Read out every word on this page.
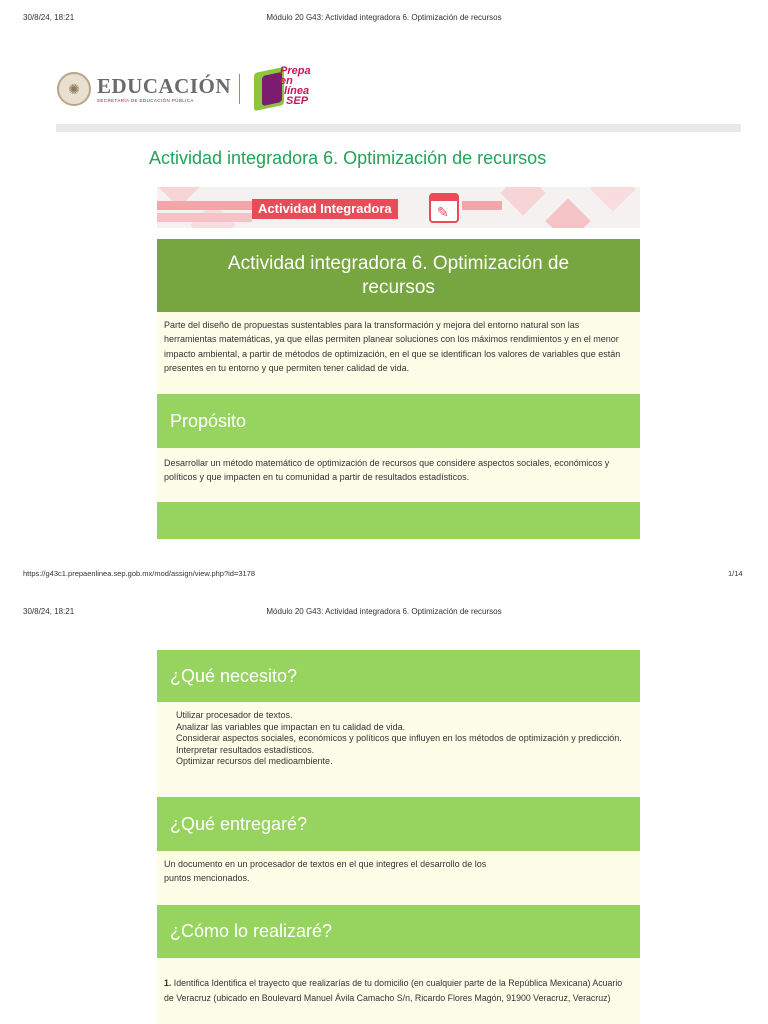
30/8/24, 18:21	Módulo 20 G43: Actividad integradora 6. Optimización de recursos
✺ EDUCACIÓN
SECRETARÍA DE EDUCACIÓN PÚBLICA
Prepa en
línea
SEP
Actividad integradora 6. Optimización de recursos
Actividad Integradora	✎
Actividad integradora 6. Optimización de recursos
Parte del diseño de propuestas sustentables para la transformación y mejora del entorno natural son las herramientas matemáticas, ya que ellas permiten planear soluciones con los máximos rendimientos y en el menor impacto ambiental, a partir de métodos de optimización, en el que se identifican los valores de variables que están presentes en tu entorno y que permiten tener calidad de vida.
Propósito
Desarrollar un método matemático de optimización de recursos que considere aspectos sociales, económicos y políticos y que impacten en tu comunidad a partir de resultados estadísticos.
https://g43c1.prepaenlinea.sep.gob.mx/mod/assign/view.php?id=3178	1/14
30/8/24, 18:21	Módulo 20 G43: Actividad integradora 6. Optimización de recursos
¿Qué necesito?
Utilizar procesador de textos.
Analizar las variables que impactan en tu calidad de vida.
Considerar aspectos sociales, económicos y políticos que influyen en los métodos de optimización y predicción.
Interpretar resultados estadísticos.
Optimizar recursos del medioambiente.
¿Qué entregaré?
Un documento en un procesador de textos en el que integres el desarrollo de los
puntos mencionados.
¿Cómo lo realizaré?
1. Identifica Identifica el trayecto que realizarías de tu domicilio (en cualquier parte de la República Mexicana) Acuario de Veracruz (ubicado en Boulevard Manuel Ávila Camacho S/n, Ricardo Flores Magón, 91900 Veracruz, Veracruz)
